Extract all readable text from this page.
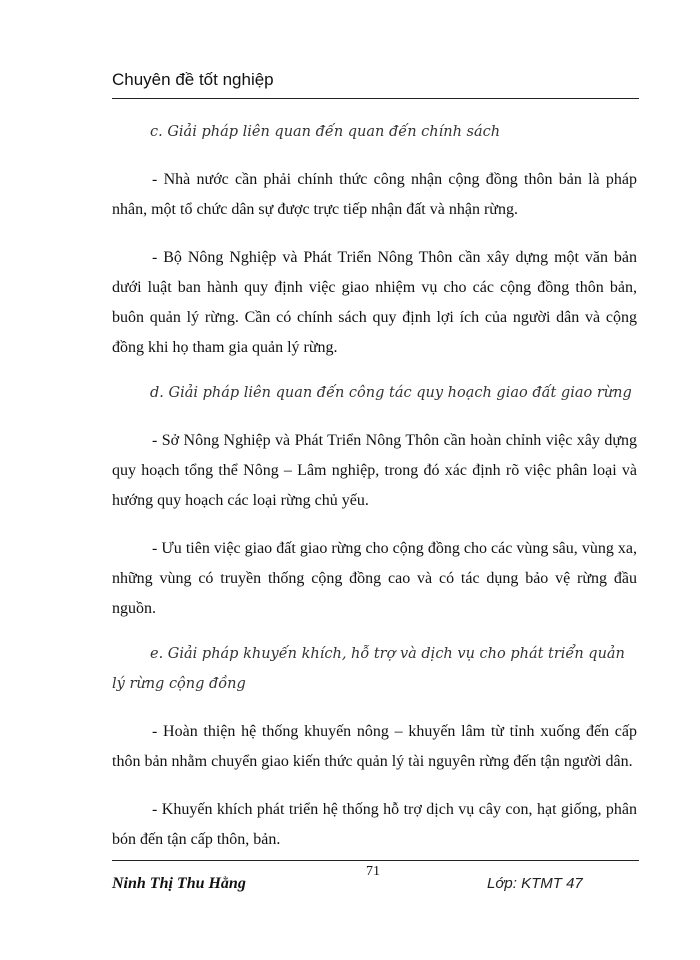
Chuyên đề tốt nghiệp

c. Giải pháp liên quan đến quan đến chính sách

- Nhà nước cần phải chính thức công nhận cộng đồng thôn bản là pháp nhân, một tổ chức dân sự được trực tiếp nhận đất và nhận rừng.

- Bộ Nông Nghiệp và Phát Triển Nông Thôn cần xây dựng một văn bản dưới luật ban hành quy định việc giao nhiệm vụ cho các cộng đồng thôn bản, buôn quản lý rừng. Cần có chính sách quy định lợi ích của người dân và cộng đồng khi họ tham gia quản lý rừng.

d. Giải pháp liên quan đến công tác quy hoạch giao đất giao rừng

- Sở Nông Nghiệp và Phát Triển Nông Thôn cần hoàn chỉnh việc xây dựng quy hoạch tổng thể Nông – Lâm nghiệp, trong đó xác định rõ việc phân loại và hướng quy hoạch các loại rừng chủ yếu.

- Ưu tiên việc giao đất giao rừng cho cộng đồng cho các vùng sâu, vùng xa, những vùng có truyền thống cộng đồng cao và có tác dụng bảo vệ rừng đầu nguồn.

e. Giải pháp khuyến khích, hỗ trợ và dịch vụ cho phát triển quản lý rừng cộng đồng

- Hoàn thiện hệ thống khuyến nông – khuyến lâm từ tỉnh xuống đến cấp thôn bản nhằm chuyển giao kiến thức quản lý tài nguyên rừng đến tận người dân.

- Khuyến khích phát triển hệ thống hỗ trợ dịch vụ cây con, hạt giống, phân bón đến tận cấp thôn, bản.

71
Ninh Thị Thu Hằng	Lớp: KTMT 47
